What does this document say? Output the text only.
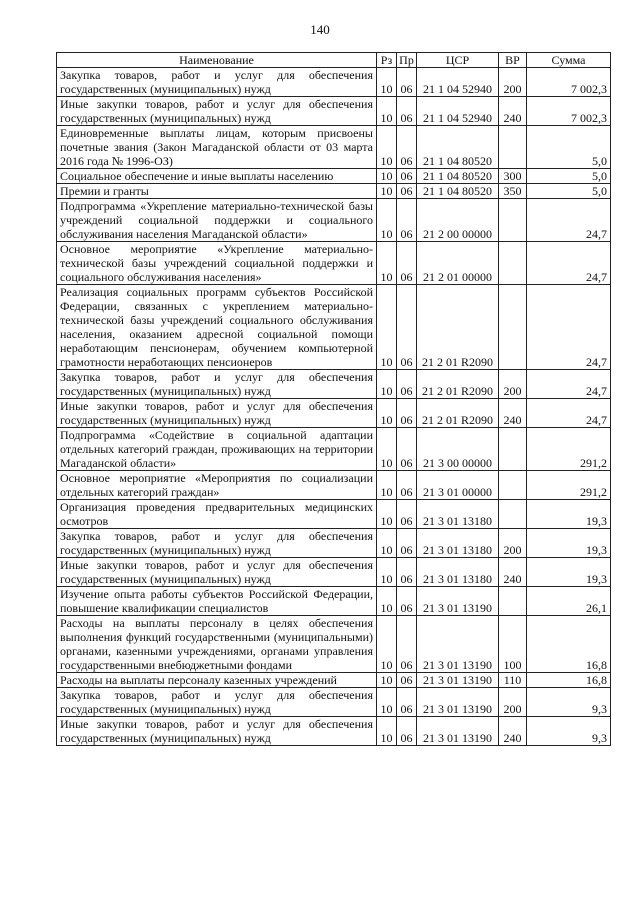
140
Наименование	Рз	Пр	ЦСР	ВР	Сумма
Закупка товаров, работ и услуг для обеспечения государственных (муниципальных) нужд	10	06	21 1 04 52940	200	7 002,3
Иные закупки товаров, работ и услуг для обеспечения государственных (муниципальных) нужд	10	06	21 1 04 52940	240	7 002,3
Единовременные выплаты лицам, которым присвоены почетные звания (Закон Магаданской области от 03 марта 2016 года № 1996-ОЗ)	10	06	21 1 04 80520		5,0
Социальное обеспечение и иные выплаты населению	10	06	21 1 04 80520	300	5,0
Премии и гранты	10	06	21 1 04 80520	350	5,0
Подпрограмма «Укрепление материально-технической базы учреждений социальной поддержки и социального обслуживания населения Магаданской области»	10	06	21 2 00 00000		24,7
Основное мероприятие «Укрепление материально-технической базы учреждений социальной поддержки и социального обслуживания населения»	10	06	21 2 01 00000		24,7
Реализация социальных программ субъектов Российской Федерации, связанных с укреплением материально-технической базы учреждений социального обслуживания населения, оказанием адресной социальной помощи неработающим пенсионерам, обучением компьютерной грамотности неработающих пенсионеров	10	06	21 2 01 R2090		24,7
Закупка товаров, работ и услуг для обеспечения государственных (муниципальных) нужд	10	06	21 2 01 R2090	200	24,7
Иные закупки товаров, работ и услуг для обеспечения государственных (муниципальных) нужд	10	06	21 2 01 R2090	240	24,7
Подпрограмма «Содействие в социальной адаптации отдельных категорий граждан, проживающих на территории Магаданской области»	10	06	21 3 00 00000		291,2
Основное мероприятие «Мероприятия по социализации отдельных категорий граждан»	10	06	21 3 01 00000		291,2
Организация проведения предварительных медицинских осмотров	10	06	21 3 01 13180		19,3
Закупка товаров, работ и услуг для обеспечения государственных (муниципальных) нужд	10	06	21 3 01 13180	200	19,3
Иные закупки товаров, работ и услуг для обеспечения государственных (муниципальных) нужд	10	06	21 3 01 13180	240	19,3
Изучение опыта работы субъектов Российской Федерации, повышение квалификации специалистов	10	06	21 3 01 13190		26,1
Расходы на выплаты персоналу в целях обеспечения выполнения функций государственными (муниципальными) органами, казенными учреждениями, органами управления государственными внебюджетными фондами	10	06	21 3 01 13190	100	16,8
Расходы на выплаты персоналу казенных учреждений	10	06	21 3 01 13190	110	16,8
Закупка товаров, работ и услуг для обеспечения государственных (муниципальных) нужд	10	06	21 3 01 13190	200	9,3
Иные закупки товаров, работ и услуг для обеспечения государственных (муниципальных) нужд	10	06	21 3 01 13190	240	9,3
